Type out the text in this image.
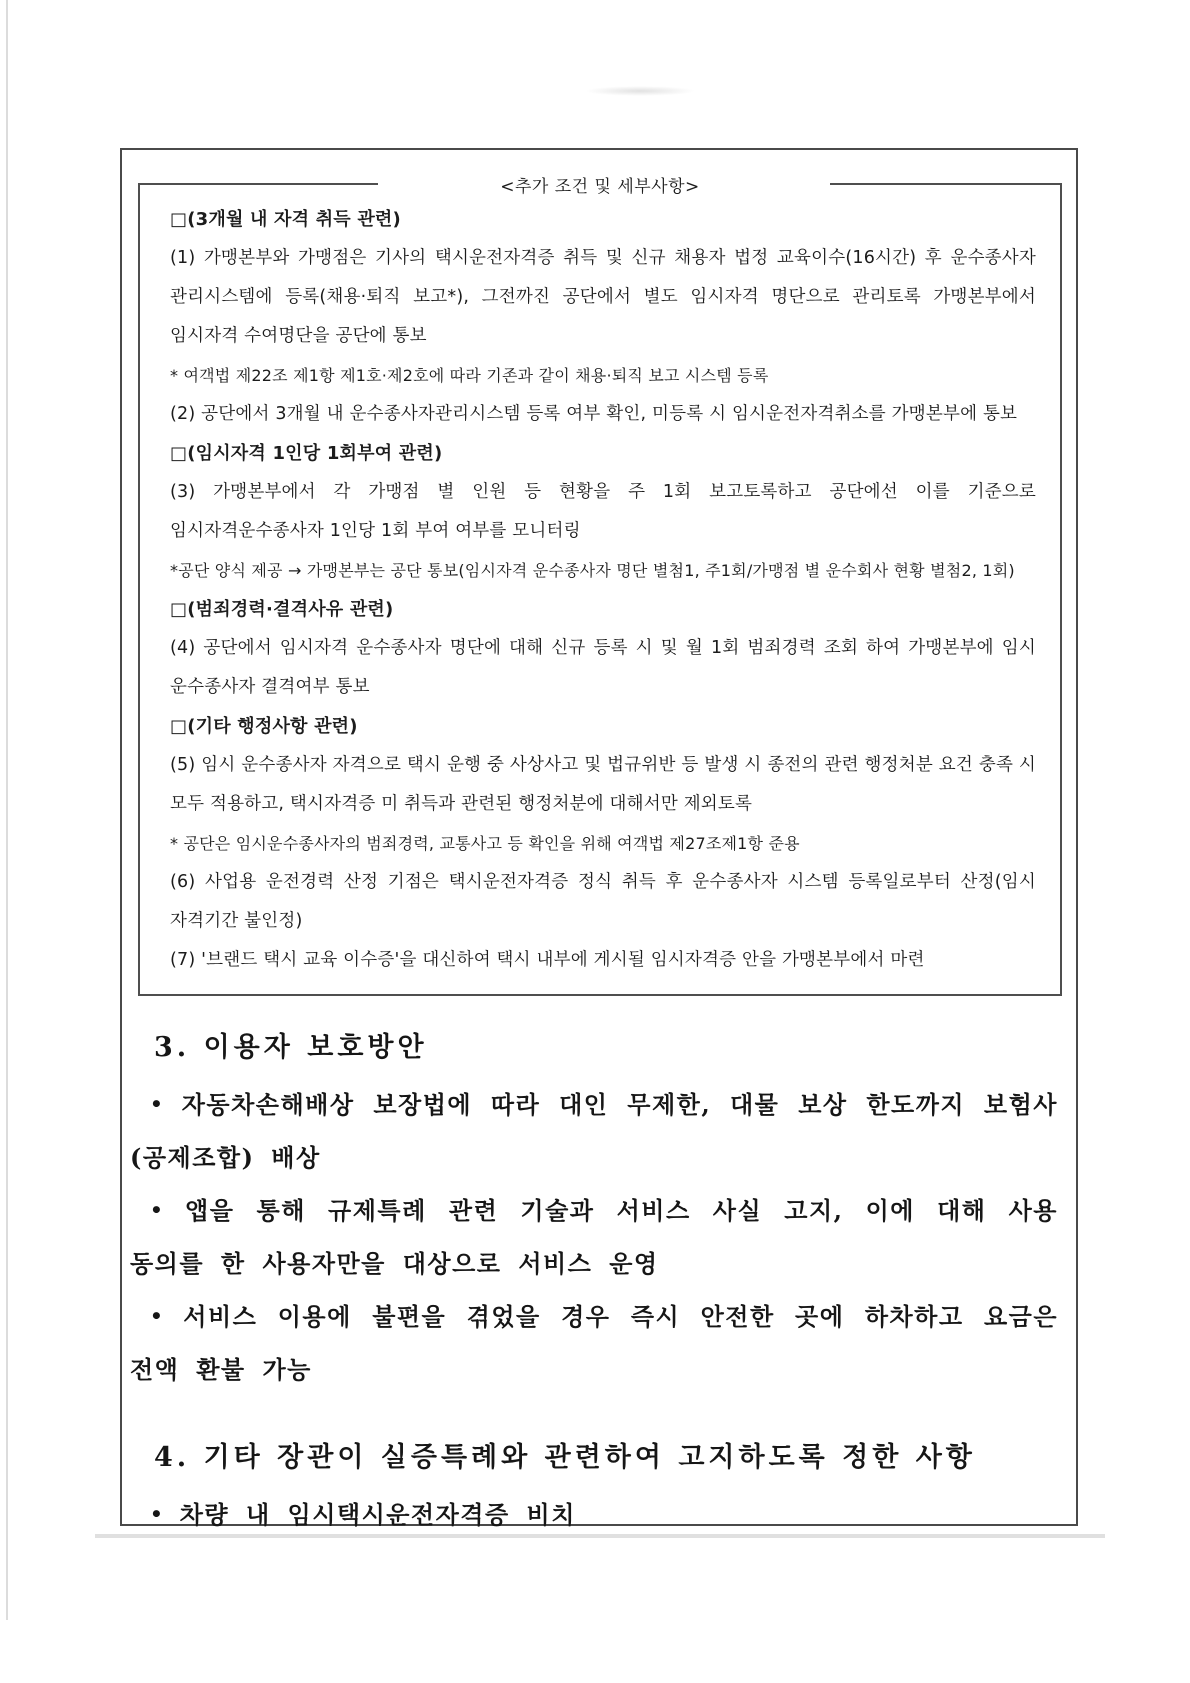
<추가 조건 및 세부사항>
□(3개월 내 자격 취득 관련)
(1) 가맹본부와 가맹점은 기사의 택시운전자격증 취득 및 신규 채용자 법정 교육이수(16시간) 후 운수종사자 관리시스템에 등록(채용·퇴직 보고*), 그전까진 공단에서 별도 임시자격 명단으로 관리토록 가맹본부에서 임시자격 수여명단을 공단에 통보
* 여객법 제22조 제1항 제1호·제2호에 따라 기존과 같이 채용·퇴직 보고 시스템 등록
(2) 공단에서 3개월 내 운수종사자관리시스템 등록 여부 확인, 미등록 시 임시운전자격취소를 가맹본부에 통보
□(임시자격 1인당 1회부여 관련)
(3) 가맹본부에서 각 가맹점 별 인원 등 현황을 주 1회 보고토록하고 공단에선 이를 기준으로 임시자격운수종사자 1인당 1회 부여 여부를 모니터링
*공단 양식 제공 → 가맹본부는 공단 통보(임시자격 운수종사자 명단 별첨1, 주1회/가맹점 별 운수회사 현황 별첨2, 1회)
□(범죄경력·결격사유 관련)
(4) 공단에서 임시자격 운수종사자 명단에 대해 신규 등록 시 및 월 1회 범죄경력 조회 하여 가맹본부에 임시 운수종사자 결격여부 통보
□(기타 행정사항 관련)
(5) 임시 운수종사자 자격으로 택시 운행 중 사상사고 및 법규위반 등 발생 시 종전의 관련 행정처분 요건 충족 시 모두 적용하고, 택시자격증 미 취득과 관련된 행정처분에 대해서만 제외토록
* 공단은 임시운수종사자의 범죄경력, 교통사고 등 확인을 위해 여객법 제27조제1항 준용
(6) 사업용 운전경력 산정 기점은 택시운전자격증 정식 취득 후 운수종사자 시스템 등록일로부터 산정(임시 자격기간 불인정)
(7) '브랜드 택시 교육 이수증'을 대신하여 택시 내부에 게시될 임시자격증 안을 가맹본부에서 마련
3. 이용자 보호방안
• 자동차손해배상 보장법에 따라 대인 무제한, 대물 보상 한도까지 보험사(공제조합) 배상
• 앱을 통해 규제특례 관련 기술과 서비스 사실 고지, 이에 대해 사용 동의를 한 사용자만을 대상으로 서비스 운영
• 서비스 이용에 불편을 겪었을 경우 즉시 안전한 곳에 하차하고 요금은 전액 환불 가능
4. 기타 장관이 실증특례와 관련하여 고지하도록 정한 사항
• 차량 내 임시택시운전자격증 비치
